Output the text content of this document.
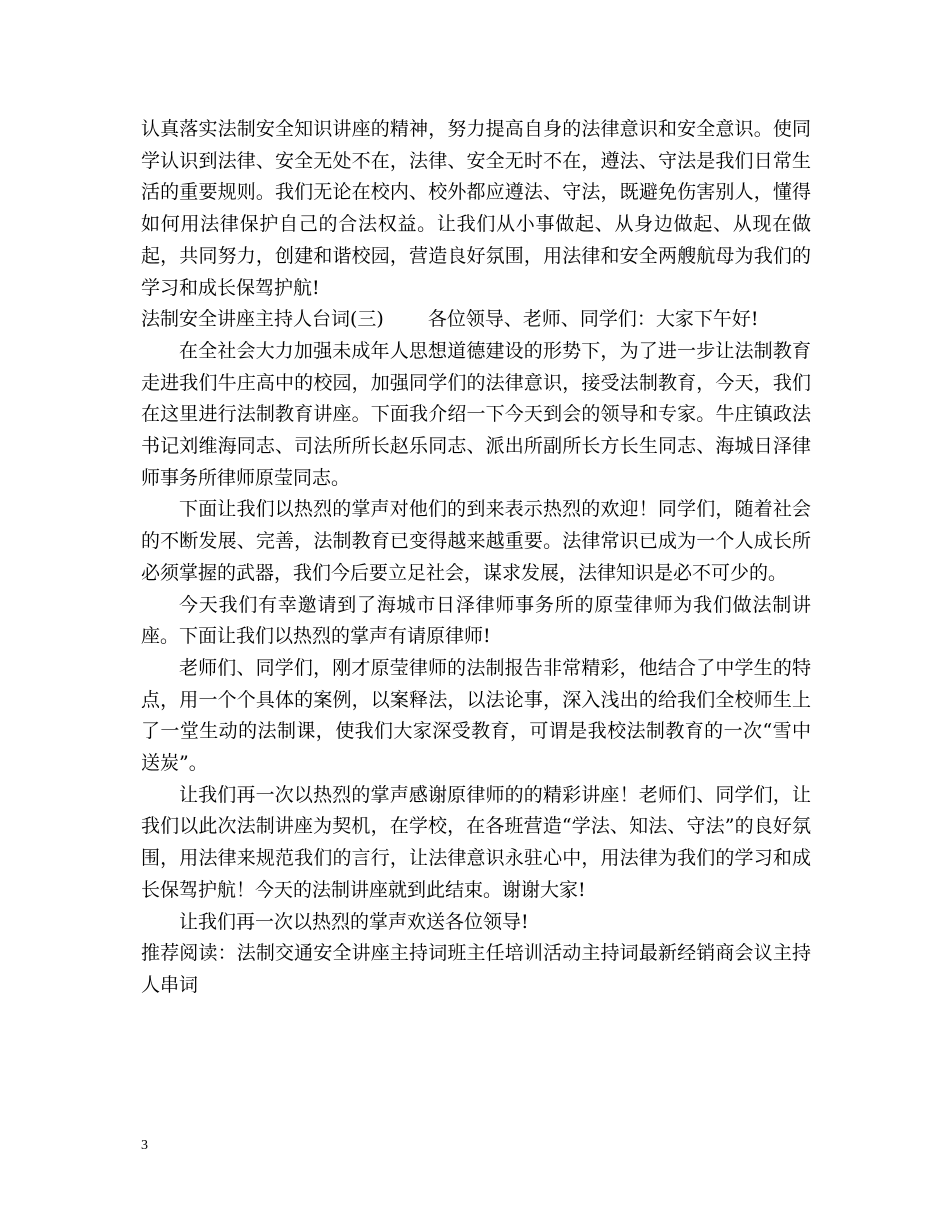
认真落实法制安全知识讲座的精神，努力提高自身的法律意识和安全意识。使同学认识到法律、安全无处不在，法律、安全无时不在，遵法、守法是我们日常生活的重要规则。我们无论在校内、校外都应遵法、守法，既避免伤害别人，懂得如何用法律保护自己的合法权益。让我们从小事做起、从身边做起、从现在做起，共同努力，创建和谐校园，营造良好氛围，用法律和安全两艘航母为我们的学习和成长保驾护航!

法制安全讲座主持人台词(三) 各位领导、老师、同学们：大家下午好!

在全社会大力加强未成年人思想道德建设的形势下，为了进一步让法制教育走进我们牛庄高中的校园，加强同学们的法律意识，接受法制教育，今天，我们在这里进行法制教育讲座。下面我介绍一下今天到会的领导和专家。牛庄镇政法书记刘维海同志、司法所所长赵乐同志、派出所副所长方长生同志、海城日泽律师事务所律师原莹同志。

下面让我们以热烈的掌声对他们的到来表示热烈的欢迎！同学们，随着社会的不断发展、完善，法制教育已变得越来越重要。法律常识已成为一个人成长所必须掌握的武器，我们今后要立足社会，谋求发展，法律知识是必不可少的。

今天我们有幸邀请到了海城市日泽律师事务所的原莹律师为我们做法制讲座。下面让我们以热烈的掌声有请原律师!

老师们、同学们，刚才原莹律师的法制报告非常精彩，他结合了中学生的特点，用一个个具体的案例，以案释法，以法论事，深入浅出的给我们全校师生上了一堂生动的法制课，使我们大家深受教育，可谓是我校法制教育的一次“雪中送炭”。

让我们再一次以热烈的掌声感谢原律师的的精彩讲座！老师们、同学们，让我们以此次法制讲座为契机，在学校，在各班营造“学法、知法、守法”的良好氛围，用法律来规范我们的言行，让法律意识永驻心中，用法律为我们的学习和成长保驾护航！今天的法制讲座就到此结束。谢谢大家!

让我们再一次以热烈的掌声欢送各位领导!

推荐阅读：法制交通安全讲座主持词班主任培训活动主持词最新经销商会议主持人串词

3
